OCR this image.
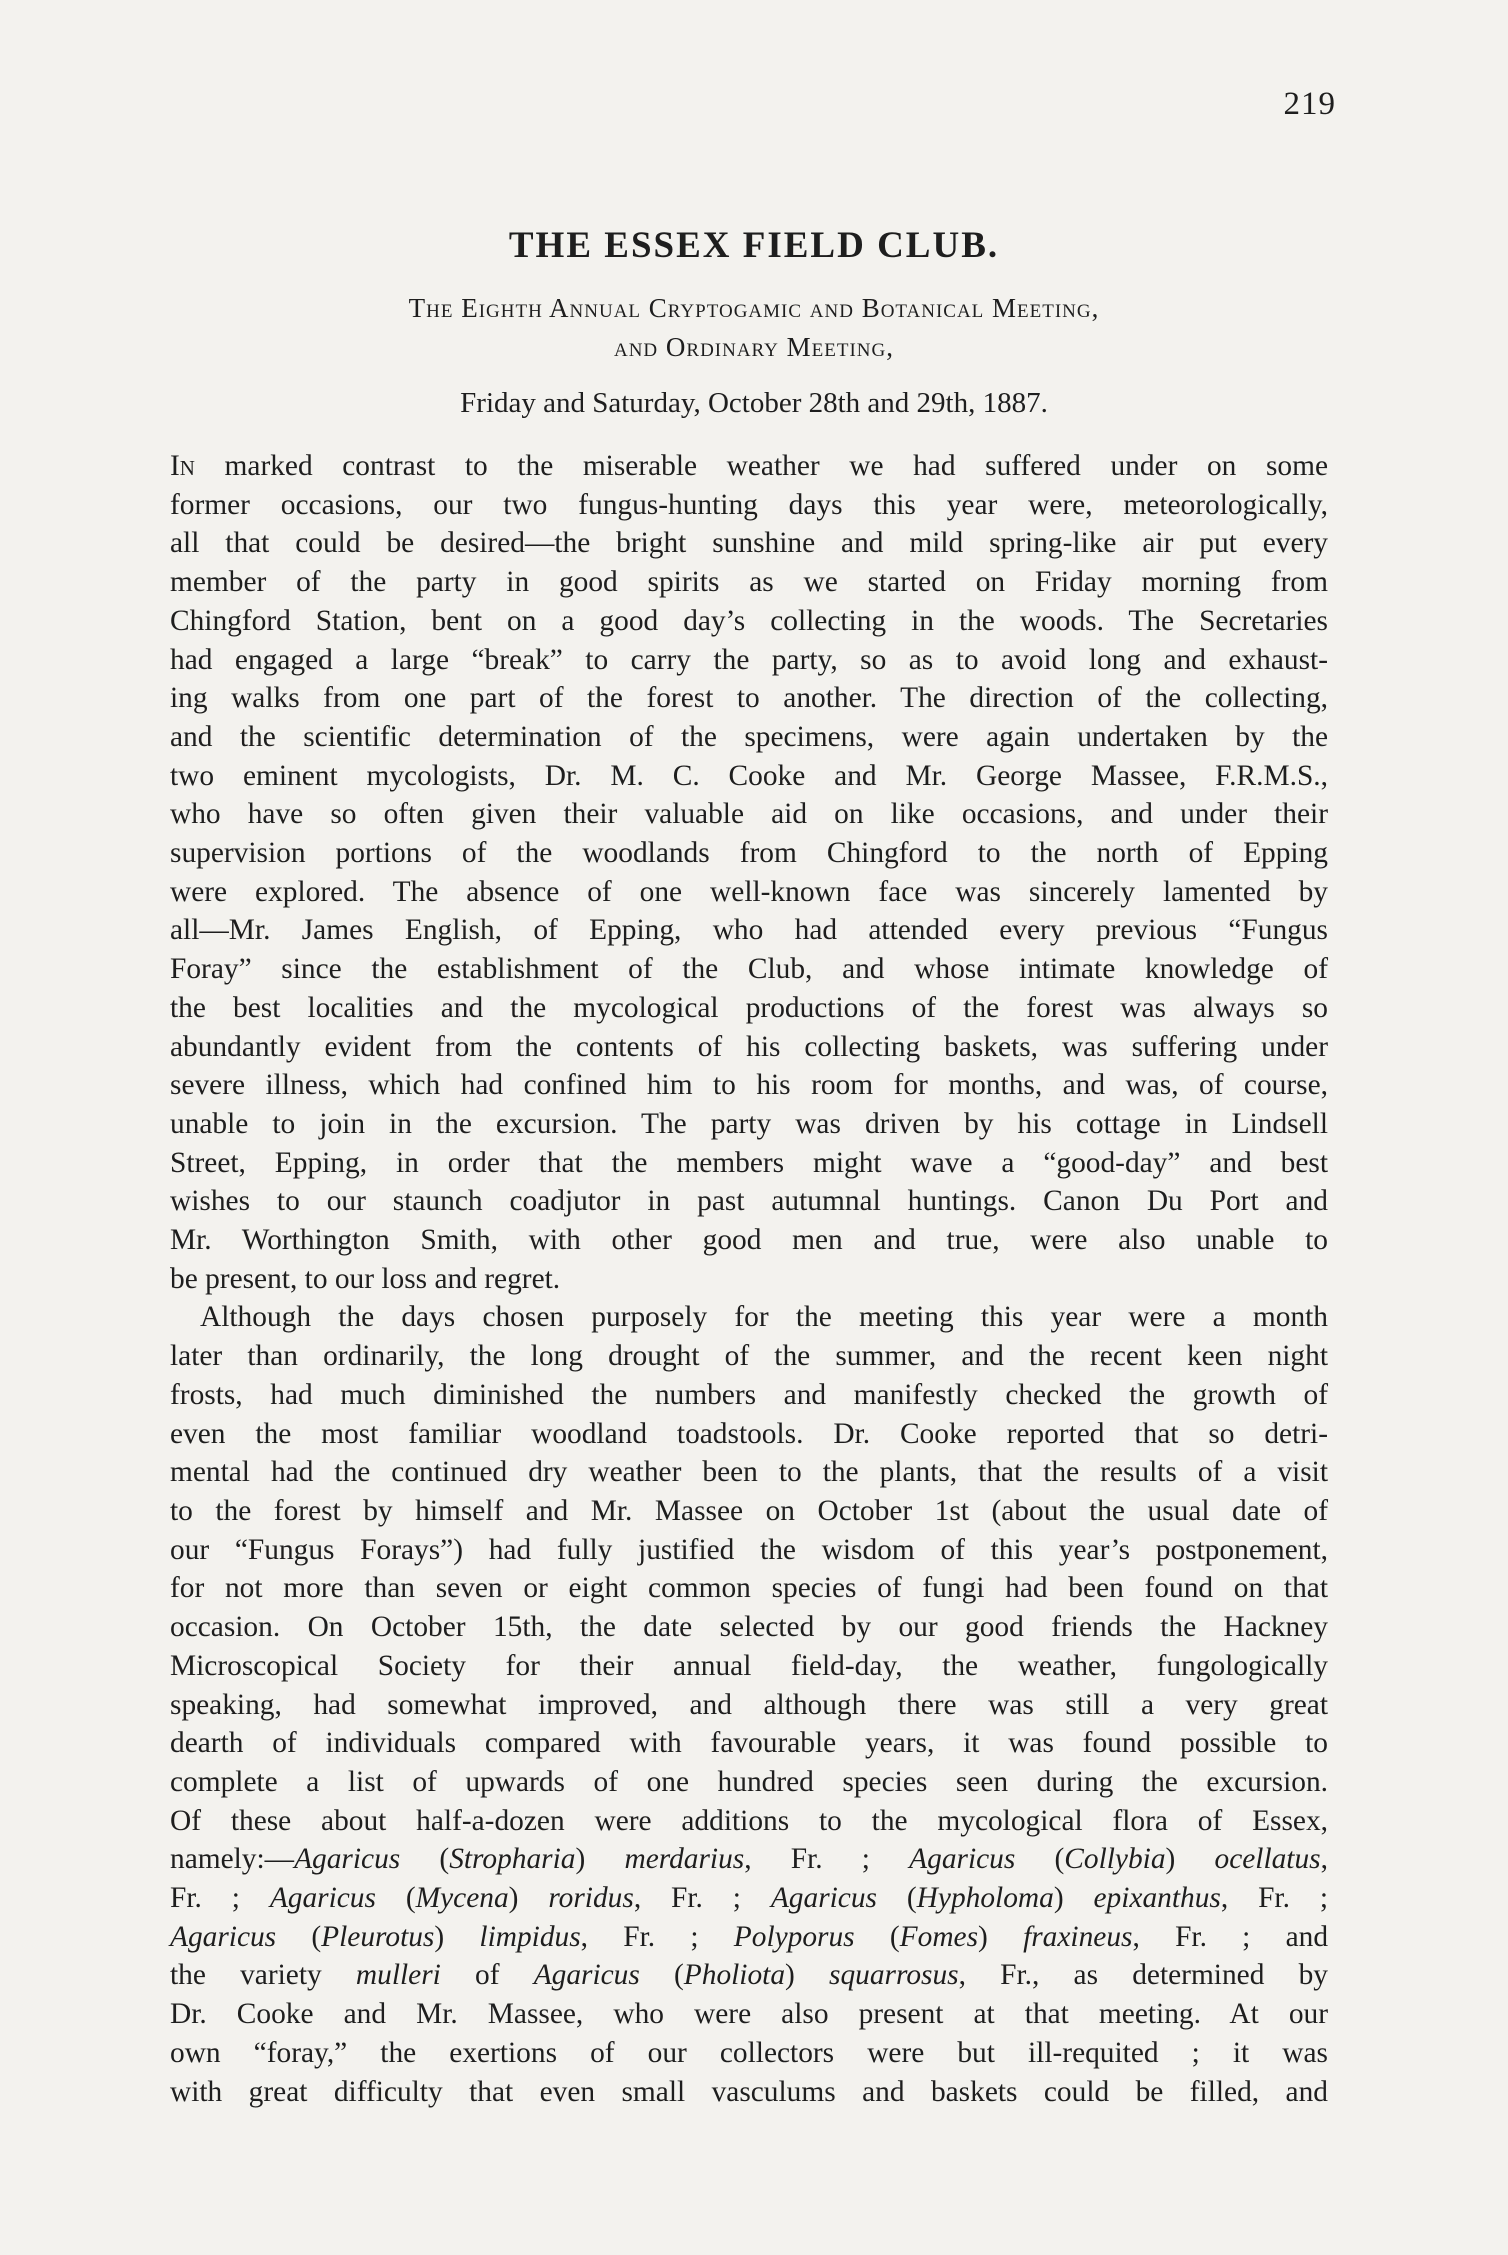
219
THE ESSEX FIELD CLUB.
The Eighth Annual Cryptogamic and Botanical Meeting,
and Ordinary Meeting,
Friday and Saturday, October 28th and 29th, 1887.
In marked contrast to the miserable weather we had suffered under on some
former occasions, our two fungus-hunting days this year were, meteorologically,
all that could be desired—the bright sunshine and mild spring-like air put every
member of the party in good spirits as we started on Friday morning from
Chingford Station, bent on a good day’s collecting in the woods. The Secretaries
had engaged a large “break” to carry the party, so as to avoid long and exhaust-
ing walks from one part of the forest to another. The direction of the collecting,
and the scientific determination of the specimens, were again undertaken by the
two eminent mycologists, Dr. M. C. Cooke and Mr. George Massee, F.R.M.S.,
who have so often given their valuable aid on like occasions, and under their
supervision portions of the woodlands from Chingford to the north of Epping
were explored. The absence of one well-known face was sincerely lamented by
all—Mr. James English, of Epping, who had attended every previous “Fungus
Foray” since the establishment of the Club, and whose intimate knowledge of
the best localities and the mycological productions of the forest was always so
abundantly evident from the contents of his collecting baskets, was suffering under
severe illness, which had confined him to his room for months, and was, of course,
unable to join in the excursion. The party was driven by his cottage in Lindsell
Street, Epping, in order that the members might wave a “good-day” and best
wishes to our staunch coadjutor in past autumnal huntings. Canon Du Port and
Mr. Worthington Smith, with other good men and true, were also unable to
be present, to our loss and regret.
Although the days chosen purposely for the meeting this year were a month
later than ordinarily, the long drought of the summer, and the recent keen night
frosts, had much diminished the numbers and manifestly checked the growth of
even the most familiar woodland toadstools. Dr. Cooke reported that so detri-
mental had the continued dry weather been to the plants, that the results of a visit
to the forest by himself and Mr. Massee on October 1st (about the usual date of
our “Fungus Forays”) had fully justified the wisdom of this year’s postponement,
for not more than seven or eight common species of fungi had been found on that
occasion. On October 15th, the date selected by our good friends the Hackney
Microscopical Society for their annual field-day, the weather, fungologically
speaking, had somewhat improved, and although there was still a very great
dearth of individuals compared with favourable years, it was found possible to
complete a list of upwards of one hundred species seen during the excursion.
Of these about half-a-dozen were additions to the mycological flora of Essex,
namely:—Agaricus (Stropharia) merdarius, Fr. ; Agaricus (Collybia) ocellatus,
Fr. ; Agaricus (Mycena) roridus, Fr. ; Agaricus (Hypholoma) epixanthus, Fr. ;
Agaricus (Pleurotus) limpidus, Fr. ; Polyporus (Fomes) fraxineus, Fr. ; and
the variety mulleri of Agaricus (Pholiota) squarrosus, Fr., as determined by
Dr. Cooke and Mr. Massee, who were also present at that meeting. At our
own “foray,” the exertions of our collectors were but ill-requited ; it was
with great difficulty that even small vasculums and baskets could be filled, and
